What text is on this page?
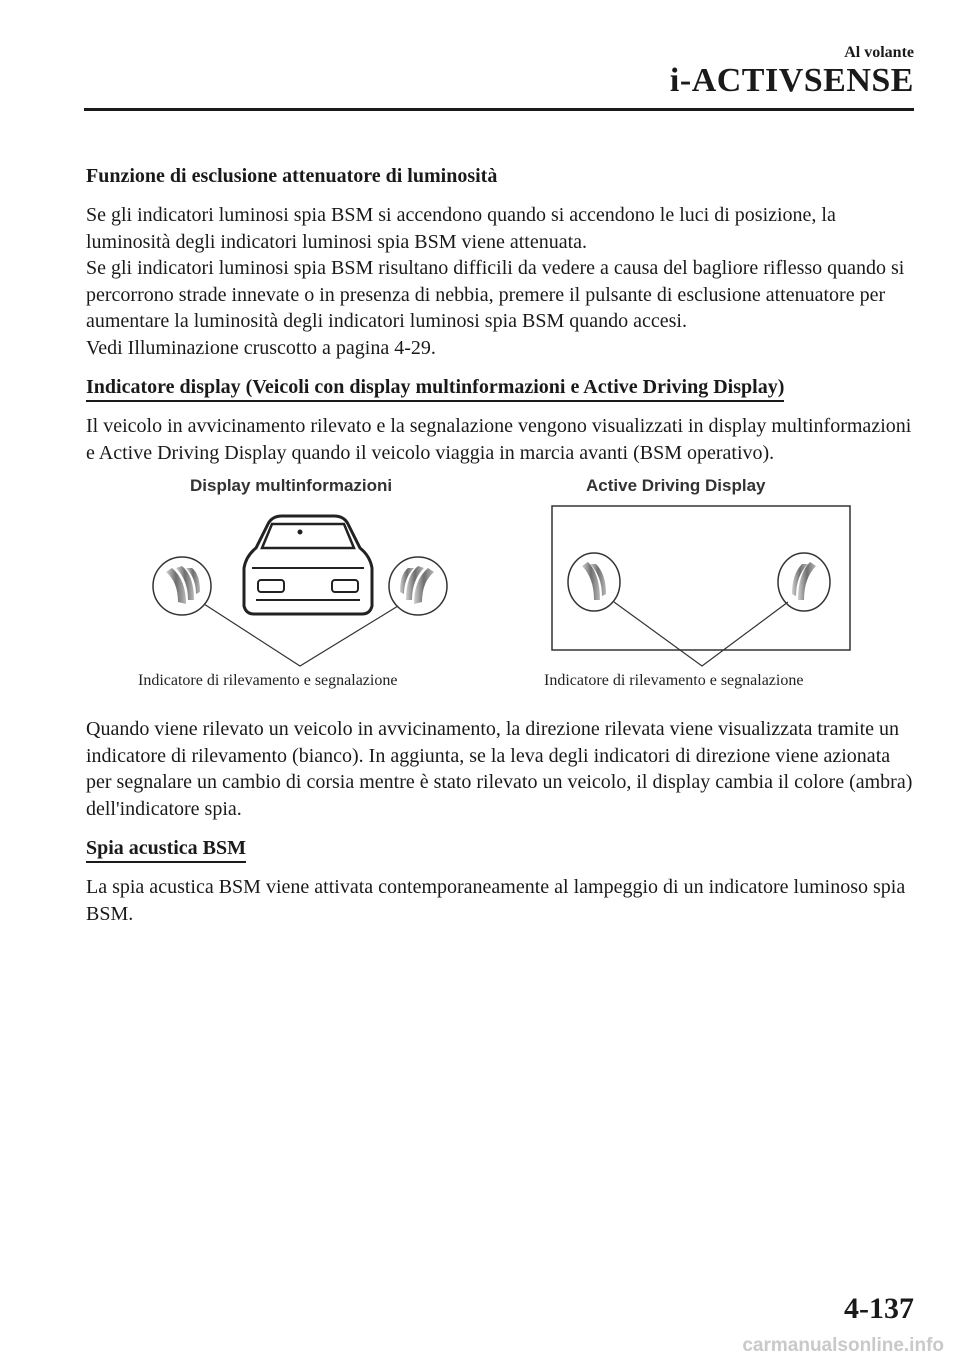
Al volante
i-ACTIVSENSE
Funzione di esclusione attenuatore di luminosità

Se gli indicatori luminosi spia BSM si accendono quando si accendono le luci di posizione, la luminosità degli indicatori luminosi spia BSM viene attenuata.

Se gli indicatori luminosi spia BSM risultano difficili da vedere a causa del bagliore riflesso quando si percorrono strade innevate o in presenza di nebbia, premere il pulsante di esclusione attenuatore per aumentare la luminosità degli indicatori luminosi spia BSM quando accesi.

Vedi Illuminazione cruscotto a pagina 4-29.

Indicatore display (Veicoli con display multinformazioni e Active Driving Display)

Il veicolo in avvicinamento rilevato e la segnalazione vengono visualizzati in display multinformazioni e Active Driving Display quando il veicolo viaggia in marcia avanti (BSM operativo).

Display multinformazioni	Active Driving Display
Indicatore di rilevamento e segnalazione	Indicatore di rilevamento e segnalazione

Quando viene rilevato un veicolo in avvicinamento, la direzione rilevata viene visualizzata tramite un indicatore di rilevamento (bianco). In aggiunta, se la leva degli indicatori di direzione viene azionata per segnalare un cambio di corsia mentre è stato rilevato un veicolo, il display cambia il colore (ambra) dell'indicatore spia.

Spia acustica BSM

La spia acustica BSM viene attivata contemporaneamente al lampeggio di un indicatore luminoso spia BSM.

4-137
carmanualsonline.info
